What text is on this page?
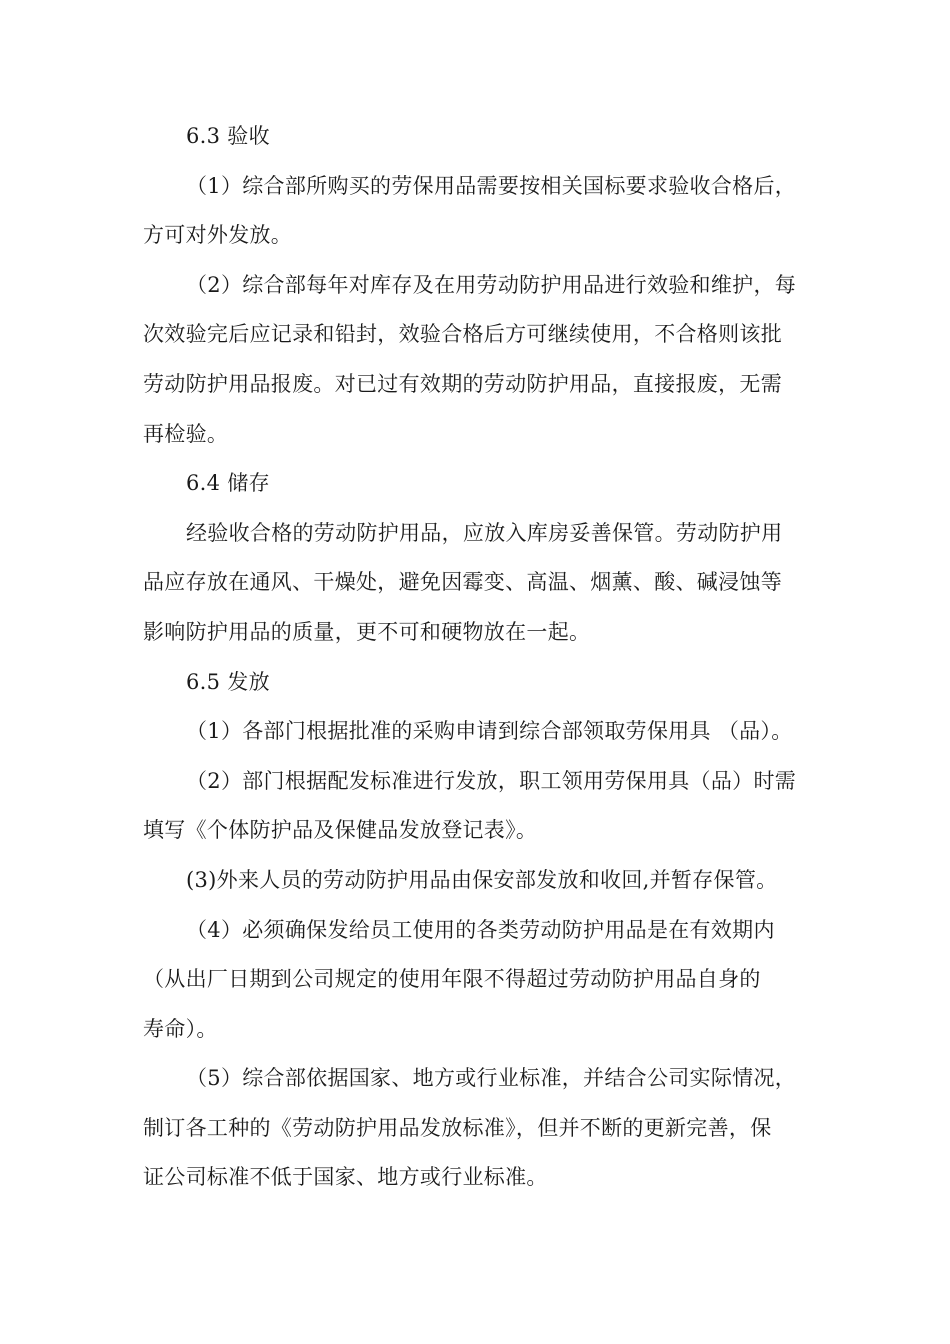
6.3 验收
（1）综合部所购买的劳保用品需要按相关国标要求验收合格后，
方可对外发放。
（2）综合部每年对库存及在用劳动防护用品进行效验和维护，每
次效验完后应记录和铅封，效验合格后方可继续使用，不合格则该批
劳动防护用品报废。对已过有效期的劳动防护用品，直接报废，无需
再检验。
6.4 储存
经验收合格的劳动防护用品，应放入库房妥善保管。劳动防护用
品应存放在通风、干燥处，避免因霉变、高温、烟薰、酸、碱浸蚀等
影响防护用品的质量，更不可和硬物放在一起。
6.5 发放
（1）各部门根据批准的采购申请到综合部领取劳保用具 （品）。
（2）部门根据配发标准进行发放，职工领用劳保用具（品）时需
填写《个体防护品及保健品发放登记表》。
(3)外来人员的劳动防护用品由保安部发放和收回,并暂存保管。
（4）必须确保发给员工使用的各类劳动防护用品是在有效期内
（从出厂日期到公司规定的使用年限不得超过劳动防护用品自身的
寿命）。
（5）综合部依据国家、地方或行业标准，并结合公司实际情况，
制订各工种的《劳动防护用品发放标准》，但并不断的更新完善，保
证公司标准不低于国家、地方或行业标准。
